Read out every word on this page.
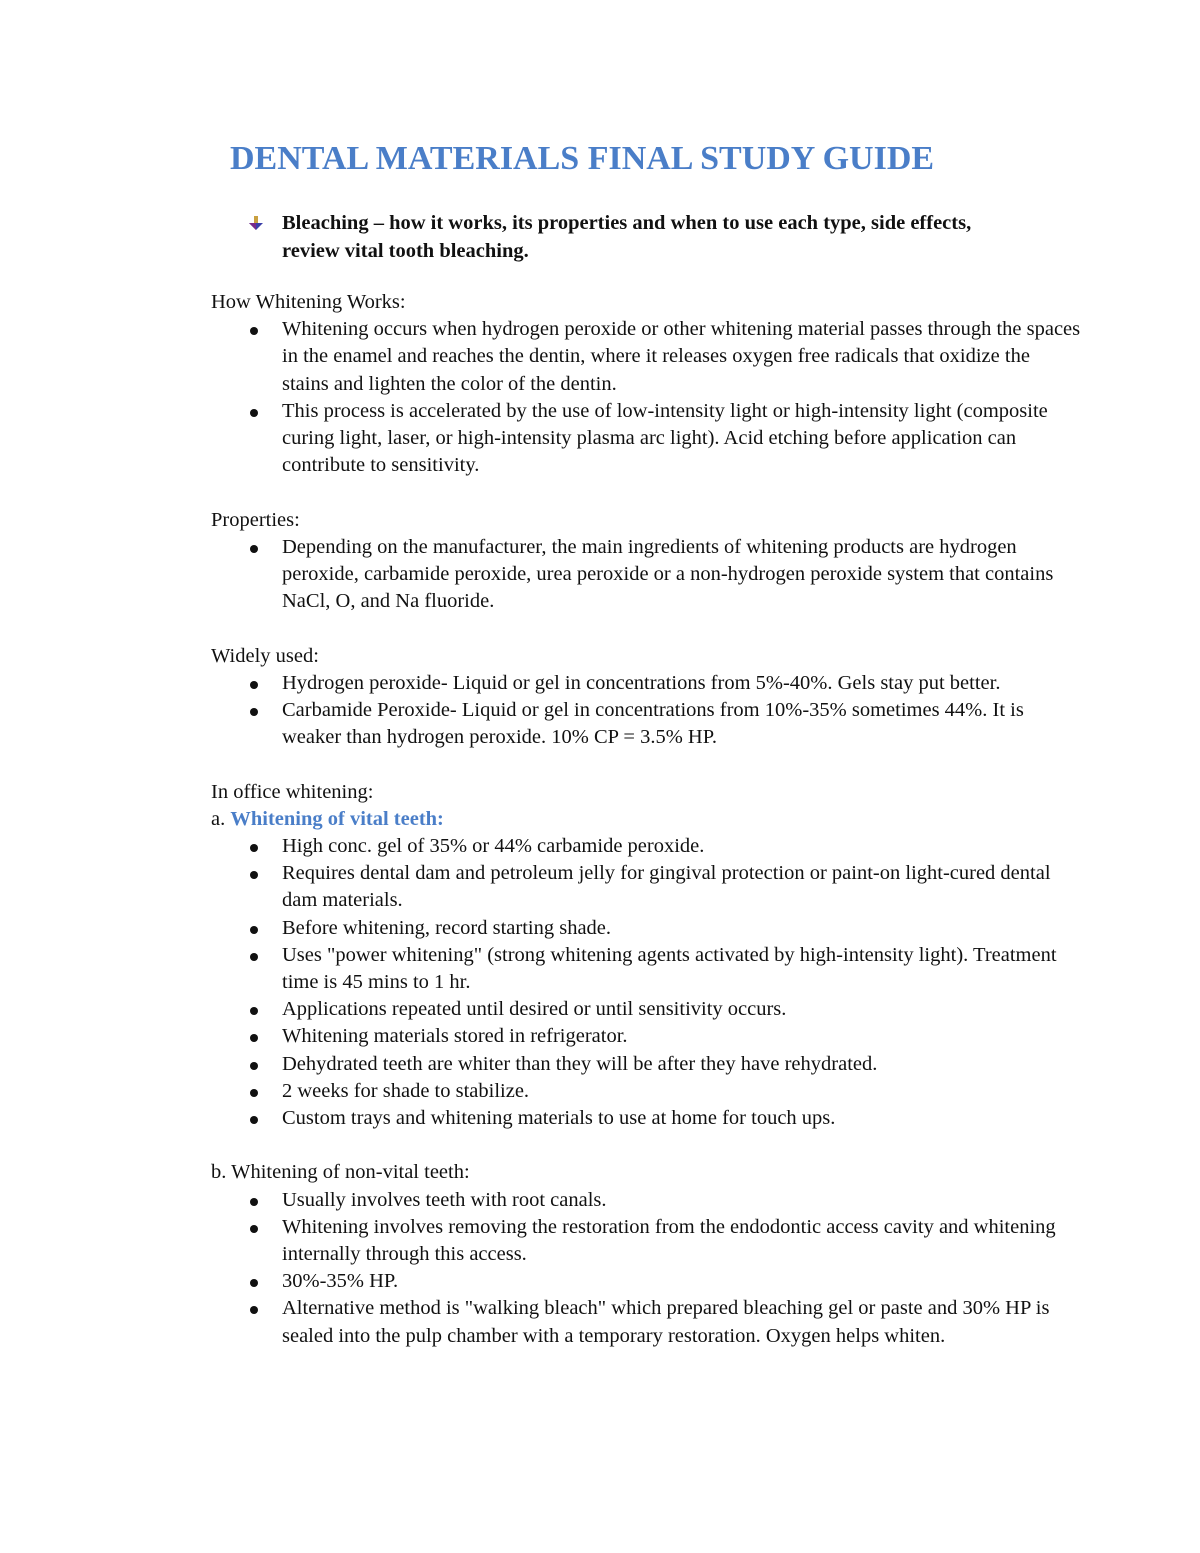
DENTAL MATERIALS FINAL STUDY GUIDE
Bleaching – how it works, its properties and when to use each type, side effects, review vital tooth bleaching.

How Whitening Works:

Whitening occurs when hydrogen peroxide or other whitening material passes through the spaces in the enamel and reaches the dentin, where it releases oxygen free radicals that oxidize the stains and lighten the color of the dentin.
This process is accelerated by the use of low-intensity light or high-intensity light (composite curing light, laser, or high-intensity plasma arc light). Acid etching before application can contribute to sensitivity.

Properties:

Depending on the manufacturer, the main ingredients of whitening products are hydrogen peroxide, carbamide peroxide, urea peroxide or a non-hydrogen peroxide system that contains NaCl, O, and Na fluoride.

Widely used:

Hydrogen peroxide- Liquid or gel in concentrations from 5%-40%. Gels stay put better.
Carbamide Peroxide- Liquid or gel in concentrations from 10%-35% sometimes 44%. It is weaker than hydrogen peroxide. 10% CP = 3.5% HP.

In office whitening:

a. Whitening of vital teeth:

High conc. gel of 35% or 44% carbamide peroxide.
Requires dental dam and petroleum jelly for gingival protection or paint-on light-cured dental dam materials.
Before whitening, record starting shade.
Uses "power whitening" (strong whitening agents activated by high-intensity light). Treatment time is 45 mins to 1 hr.
Applications repeated until desired or until sensitivity occurs.
Whitening materials stored in refrigerator.
Dehydrated teeth are whiter than they will be after they have rehydrated.
2 weeks for shade to stabilize.
Custom trays and whitening materials to use at home for touch ups.

b. Whitening of non-vital teeth:

Usually involves teeth with root canals.
Whitening involves removing the restoration from the endodontic access cavity and whitening internally through this access.
30%-35% HP.
Alternative method is "walking bleach" which prepared bleaching gel or paste and 30% HP is sealed into the pulp chamber with a temporary restoration. Oxygen helps whiten.
